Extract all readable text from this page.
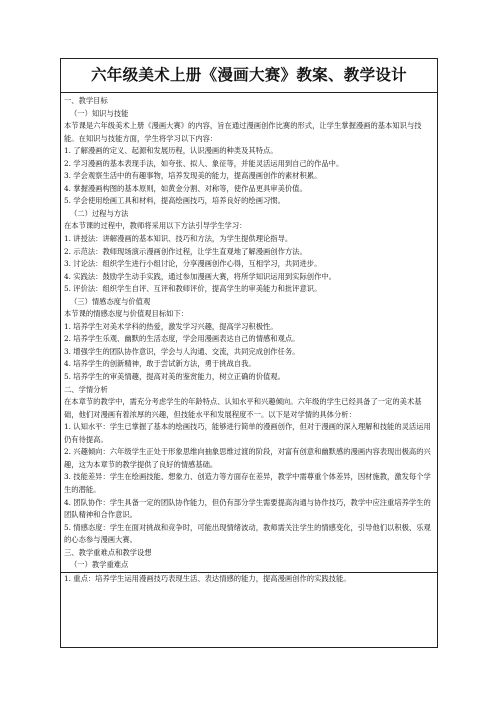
六年级美术上册《漫画大赛》教案、教学设计
一、教学目标
（一）知识与技能
本节课是六年级美术上册《漫画大赛》的内容，旨在通过漫画创作比赛的形式，让学生掌握漫画的基本知识与技能。在知识与技能方面，学生将学习以下内容：
1. 了解漫画的定义、起源和发展历程，认识漫画的种类及其特点。
2. 学习漫画的基本表现手法，如夸张、拟人、象征等，并能灵活运用到自己的作品中。
3. 学会观察生活中的有趣事物，培养发现美的能力，提高漫画创作的素材积累。
4. 掌握漫画构图的基本原则，如黄金分割、对称等，使作品更具审美价值。
5. 学会使用绘画工具和材料，提高绘画技巧，培养良好的绘画习惯。
（二）过程与方法
在本节课的过程中，教师将采用以下方法引导学生学习：
1. 讲授法：讲解漫画的基本知识、技巧和方法，为学生提供理论指导。
2. 示范法：教师现场演示漫画创作过程，让学生直观地了解漫画创作方法。
3. 讨论法：组织学生进行小组讨论，分享漫画创作心得，互相学习，共同进步。
4. 实践法：鼓励学生动手实践，通过参加漫画大赛，将所学知识运用到实际创作中。
5. 评价法：组织学生自评、互评和教师评价，提高学生的审美能力和批评意识。
（三）情感态度与价值观
本节课的情感态度与价值观目标如下：
1. 培养学生对美术学科的热爱，激发学习兴趣，提高学习积极性。
2. 培养学生乐观、幽默的生活态度，学会用漫画表达自己的情感和观点。
3. 增强学生的团队协作意识，学会与人沟通、交流，共同完成创作任务。
4. 培养学生的创新精神，敢于尝试新方法，勇于挑战自我。
5. 培养学生的审美情趣，提高对美的鉴赏能力，树立正确的价值观。
二、学情分析
在本章节的教学中，需充分考虑学生的年龄特点、认知水平和兴趣倾向。六年级的学生已经具备了一定的美术基础，他们对漫画有着浓厚的兴趣，但技能水平和发展程度不一。以下是对学情的具体分析：
1. 认知水平：学生已掌握了基本的绘画技巧，能够进行简单的漫画创作，但对于漫画的深入理解和技能的灵活运用仍有待提高。
2. 兴趣倾向：六年级学生正处于形象思维向抽象思维过渡的阶段，对富有创意和幽默感的漫画内容表现出极高的兴趣，这为本章节的教学提供了良好的情感基础。
3. 技能差异：学生在绘画技能、想象力、创造力等方面存在差异，教学中需尊重个体差异，因材施教，激发每个学生的潜能。
4. 团队协作：学生具备一定的团队协作能力，但仍有部分学生需要提高沟通与协作技巧，教学中应注重培养学生的团队精神和合作意识。
5. 情感态度：学生在面对挑战和竞争时，可能出现情绪波动，教师需关注学生的情感变化，引导他们以积极、乐观的心态参与漫画大赛。
三、教学重难点和教学设想
（一）教学重难点
1. 重点：培养学生运用漫画技巧表现生活、表达情感的能力，提高漫画创作的实践技能。
